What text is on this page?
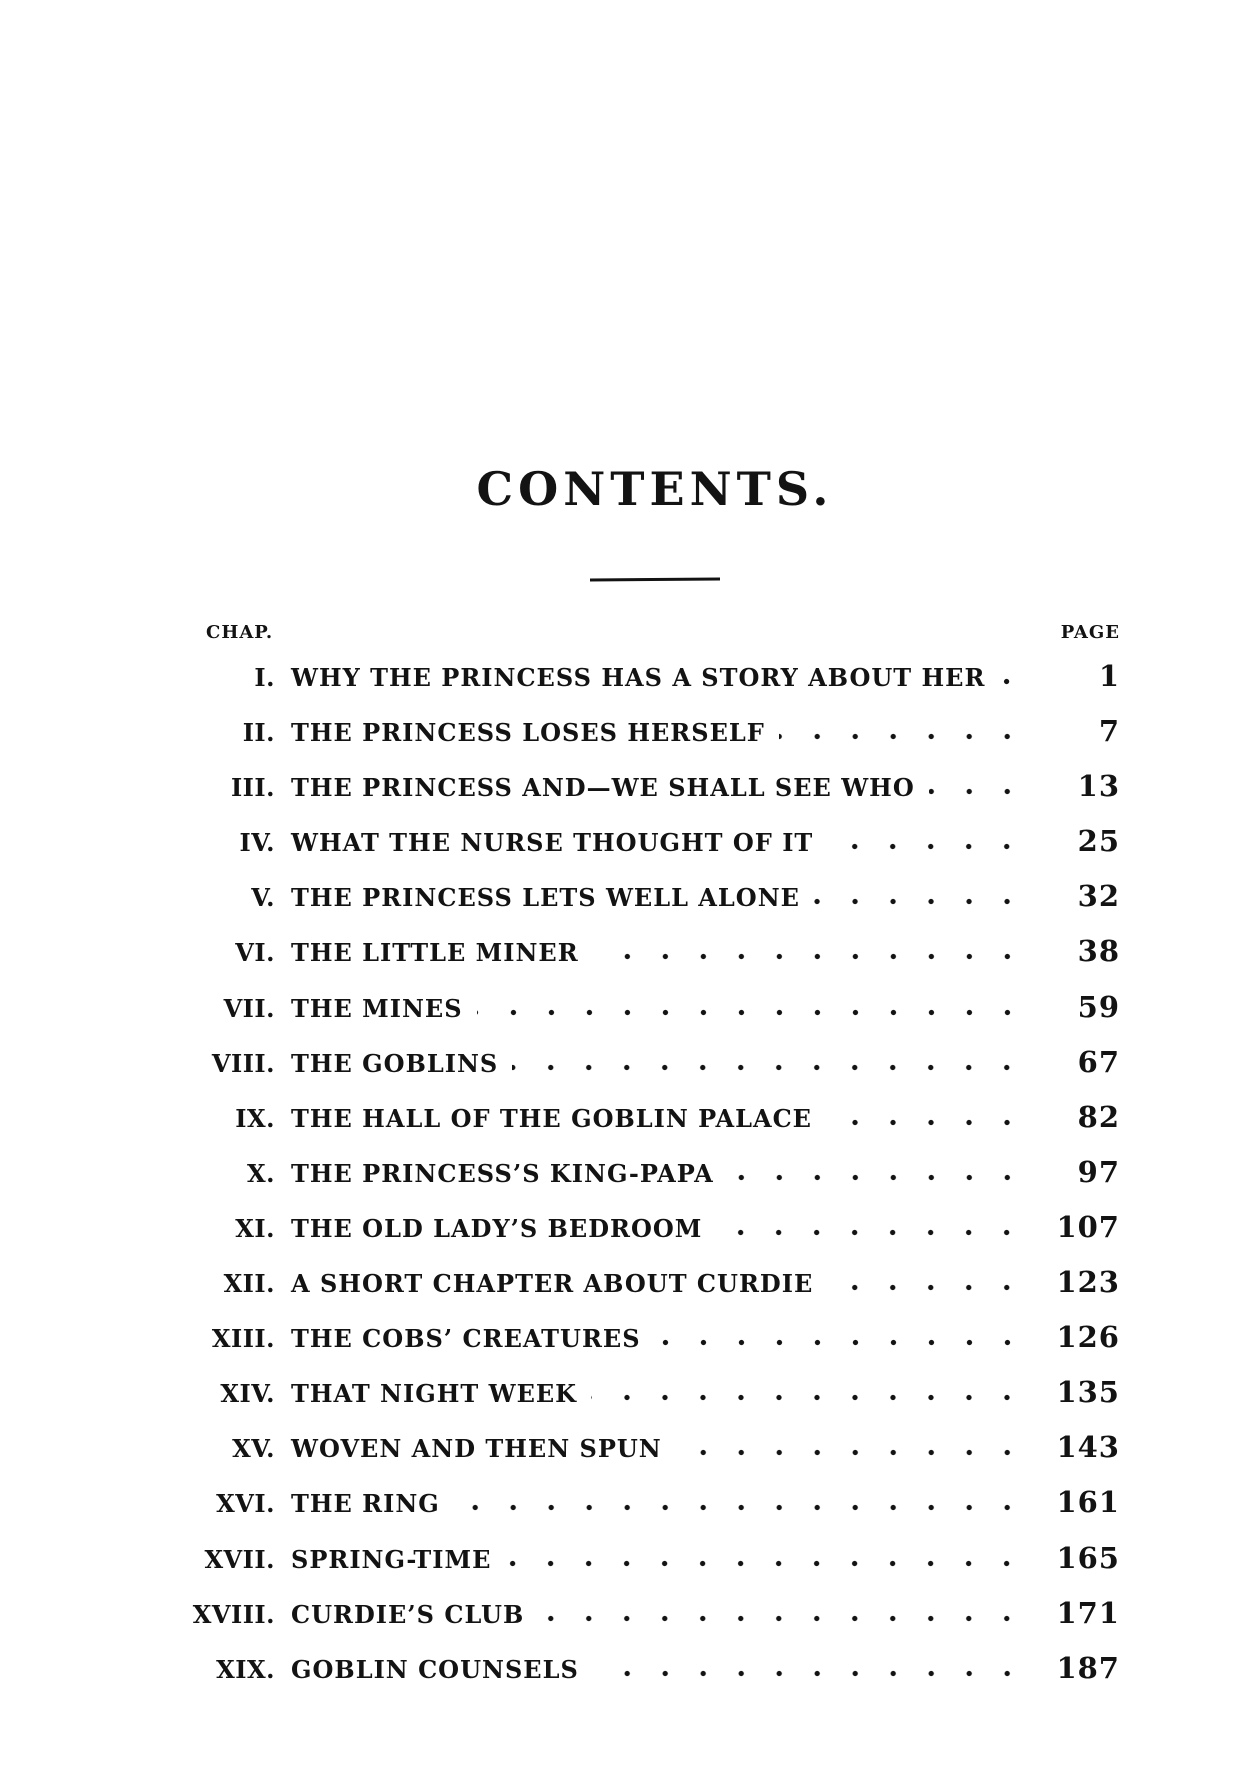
CONTENTS.
CHAP.	PAGE
I. WHY THE PRINCESS HAS A STORY ABOUT HER	1
II. THE PRINCESS LOSES HERSELF	7
III. THE PRINCESS AND—WE SHALL SEE WHO	13
IV. WHAT THE NURSE THOUGHT OF IT	25
V. THE PRINCESS LETS WELL ALONE	32
VI. THE LITTLE MINER	38
VII. THE MINES	59
VIII. THE GOBLINS	67
IX. THE HALL OF THE GOBLIN PALACE	82
X. THE PRINCESS’S KING-PAPA	97
XI. THE OLD LADY’S BEDROOM	107
XII. A SHORT CHAPTER ABOUT CURDIE	123
XIII. THE COBS’ CREATURES	126
XIV. THAT NIGHT WEEK	135
XV. WOVEN AND THEN SPUN	143
XVI. THE RING	161
XVII. SPRING-TIME	165
XVIII. CURDIE’S CLUB	171
XIX. GOBLIN COUNSELS	187
